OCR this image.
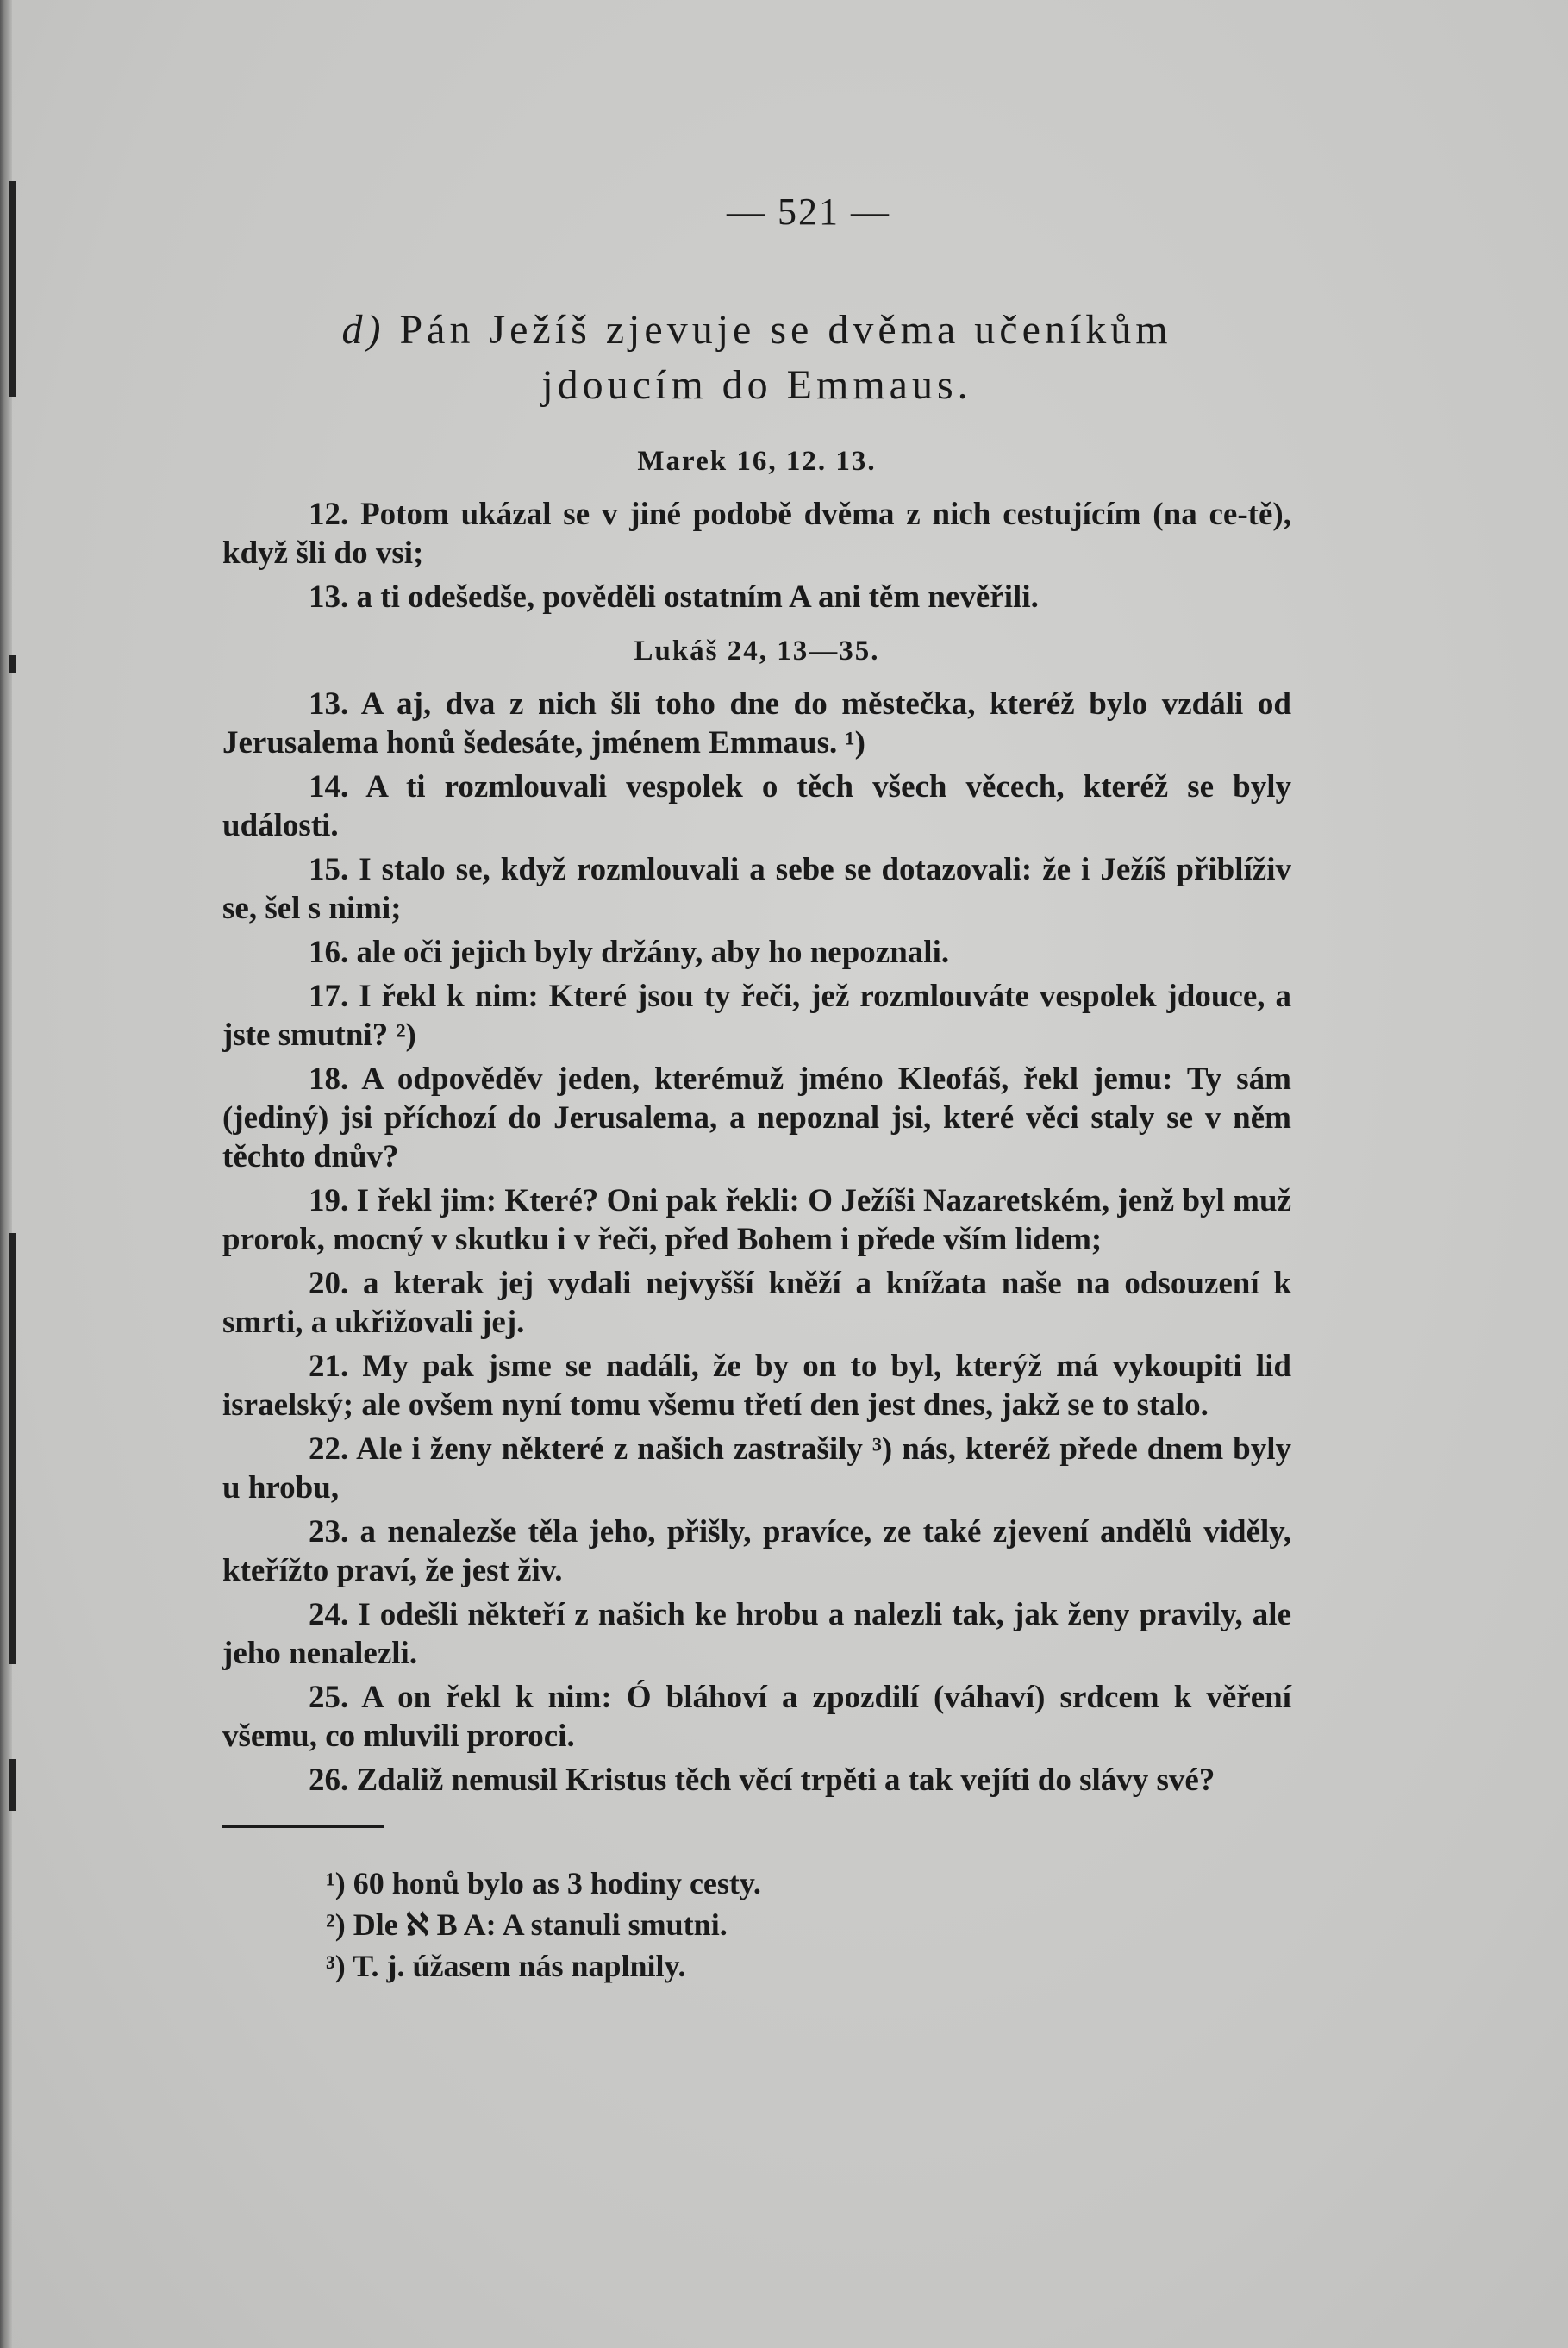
— 521 —
d) Pán Ježíš zjevuje se dvěma učeníkům
jdoucím do Emmaus.
Marek 16, 12. 13.

12. Potom ukázal se v jiné podobě dvěma z nich cestujícím (na ce-tě), když šli do vsi;

13. a ti odešedše, pověděli ostatním A ani těm nevěřili.

Lukáš 24, 13—35.

13. A aj, dva z nich šli toho dne do městečka, kteréž bylo vzdáli od Jerusalema honů šedesáte, jménem Emmaus. ¹)

14. A ti rozmlouvali vespolek o těch všech věcech, kteréž se byly události.

15. I stalo se, když rozmlouvali a sebe se dotazovali: že i Ježíš přiblíživ se, šel s nimi;

16. ale oči jejich byly držány, aby ho nepoznali.

17. I řekl k nim: Které jsou ty řeči, jež rozmlouváte vespolek jdouce, a jste smutni? ²)

18. A odpověděv jeden, kterémuž jméno Kleofáš, řekl jemu: Ty sám (jediný) jsi příchozí do Jerusalema, a nepoznal jsi, které věci staly se v něm těchto dnův?

19. I řekl jim: Které? Oni pak řekli: O Ježíši Nazaretském, jenž byl muž prorok, mocný v skutku i v řeči, před Bohem i přede vším lidem;

20. a kterak jej vydali nejvyšší kněží a knížata naše na odsouzení k smrti, a ukřižovali jej.

21. My pak jsme se nadáli, že by on to byl, kterýž má vykoupiti lid israelský; ale ovšem nyní tomu všemu třetí den jest dnes, jakž se to stalo.

22. Ale i ženy některé z našich zastrašily ³) nás, kteréž přede dnem byly u hrobu,

23. a nenalezše těla jeho, přišly, pravíce, ze také zjevení andělů viděly, kteřížto praví, že jest živ.

24. I odešli někteří z našich ke hrobu a nalezli tak, jak ženy pravily, ale jeho nenalezli.

25. A on řekl k nim: Ó bláhoví a zpozdilí (váhaví) srdcem k věření všemu, co mluvili proroci.

26. Zdaliž nemusil Kristus těch věcí trpěti a tak vejíti do slávy své?

¹) 60 honů bylo as 3 hodiny cesty.
²) Dle ℵ B A: A stanuli smutni.
³) T. j. úžasem nás naplnily.
